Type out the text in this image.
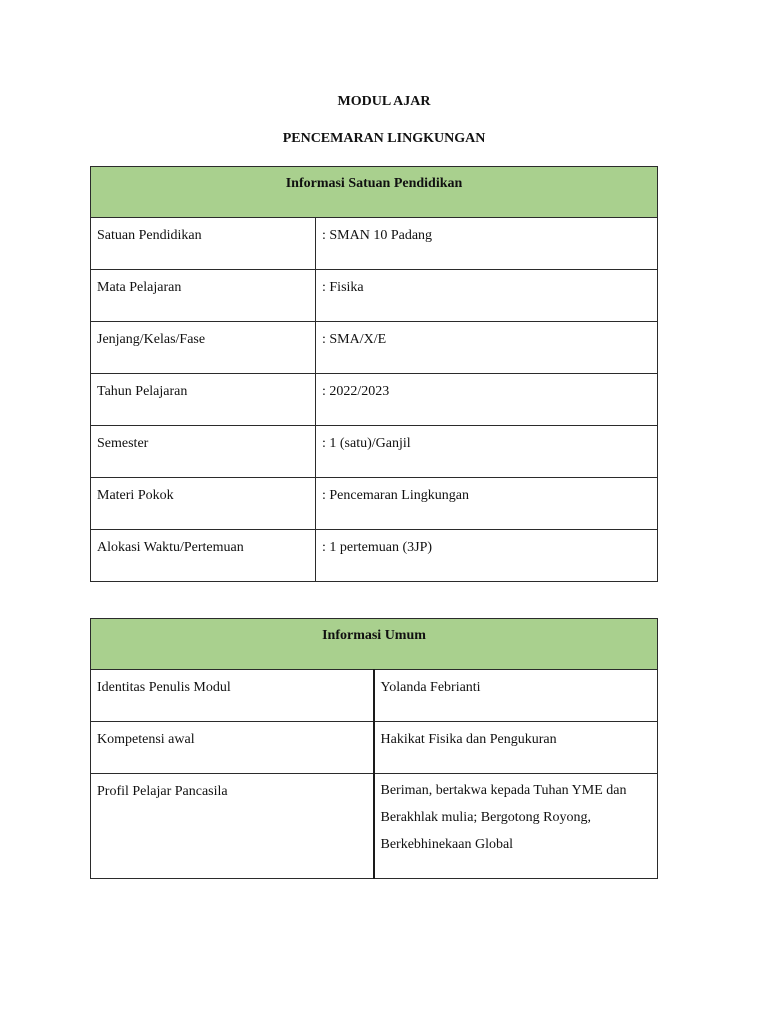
MODUL AJAR
PENCEMARAN LINGKUNGAN
Informasi Satuan Pendidikan	
Satuan Pendidikan	: SMAN 10 Padang
Mata Pelajaran	: Fisika
Jenjang/Kelas/Fase	: SMA/X/E
Tahun Pelajaran	: 2022/2023
Semester	: 1 (satu)/Ganjil
Materi Pokok	: Pencemaran Lingkungan
Alokasi Waktu/Pertemuan	: 1 pertemuan (3JP)
Informasi Umum	
Identitas Penulis Modul	Yolanda Febrianti
Kompetensi awal	Hakikat Fisika dan Pengukuran
Profil Pelajar Pancasila	Beriman, bertakwa kepada Tuhan YME dan Berakhlak mulia; Bergotong Royong, Berkebhinekaan Global
